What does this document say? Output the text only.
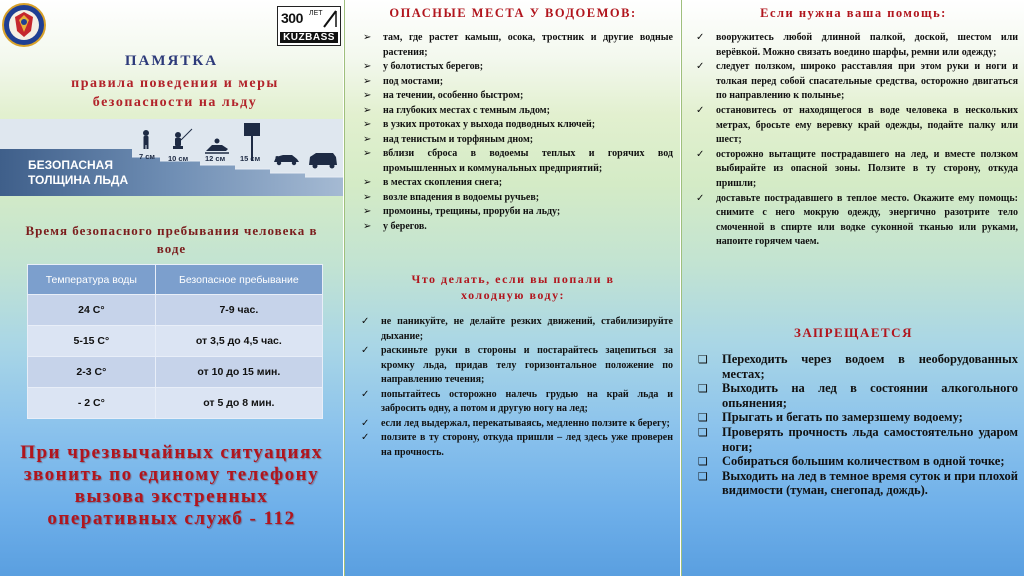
300 ЛЕТ
KUZBASS
ПАМЯТКА
правила поведения и меры безопасности на льду
7 см 10 см 12 см 15 см 20 см 30 см
БЕЗОПАСНАЯ
ТОЛЩИНА ЛЬДА
Время безопасного пребывания человека в воде
Температура воды	Безопасное пребывание
24 С°	7-9 час.
5-15 С°	от 3,5 до 4,5 час.
2-3 С°	от 10 до 15 мин.
- 2 С°	от 5 до 8 мин.
При чрезвычайных ситуациях звонить по единому телефону вызова экстренных оперативных служб - 112
ОПАСНЫЕ МЕСТА У ВОДОЕМОВ:
➢ там, где растет камыш, осока, тростник и другие водные растения;
➢ у болотистых берегов;
➢ под мостами;
➢ на течении, особенно быстром;
➢ на глубоких местах с темным льдом;
➢ в узких протоках у выхода подводных ключей;
➢ над тенистым и торфяным дном;
➢ вблизи сброса в водоемы теплых и горячих вод промышленных и коммунальных предприятий;
➢ в местах скопления снега;
➢ возле впадения в водоемы ручьев;
➢ промоины, трещины, проруби на льду;
➢ у берегов.
Что делать, если вы попали в холодную воду:
✓ не паникуйте, не делайте резких движений, стабилизируйте дыхание;
✓ раскиньте руки в стороны и постарайтесь зацепиться за кромку льда, придав телу горизонтальное положение по направлению течения;
✓ попытайтесь осторожно налечь грудью на край льда и забросить одну, а потом и другую ногу на лед;
✓ если лед выдержал, перекатываясь, медленно ползите к берегу;
✓ ползите в ту сторону, откуда пришли – лед здесь уже проверен на прочность.
Если нужна ваша помощь:
✓ вооружитесь любой длинной палкой, доской, шестом или верёвкой. Можно связать воедино шарфы, ремни или одежду;
✓ следует ползком, широко расставляя при этом руки и ноги и толкая перед собой спасательные средства, осторожно двигаться по направлению к полынье;
✓ остановитесь от находящегося в воде человека в нескольких метрах, бросьте ему веревку край одежды, подайте палку или шест;
✓ осторожно вытащите пострадавшего на лед, и вместе ползком выбирайте из опасной зоны. Ползите в ту сторону, откуда пришли;
✓ доставьте пострадавшего в теплое место. Окажите ему помощь: снимите с него мокрую одежду, энергично разотрите тело смоченной в спирте или водке суконной тканью или руками, напоите горячем чаем.
ЗАПРЕЩАЕТСЯ
❑ Переходить через водоем в необорудованных местах;
❑ Выходить на лед в состоянии алкогольного опьянения;
❑ Прыгать и бегать по замерзшему водоему;
❑ Проверять прочность льда самостоятельно ударом ноги;
❑ Собираться большим количеством в одной точке;
❑ Выходить на лед в темное время суток и при плохой видимости (туман, снегопад, дождь).
